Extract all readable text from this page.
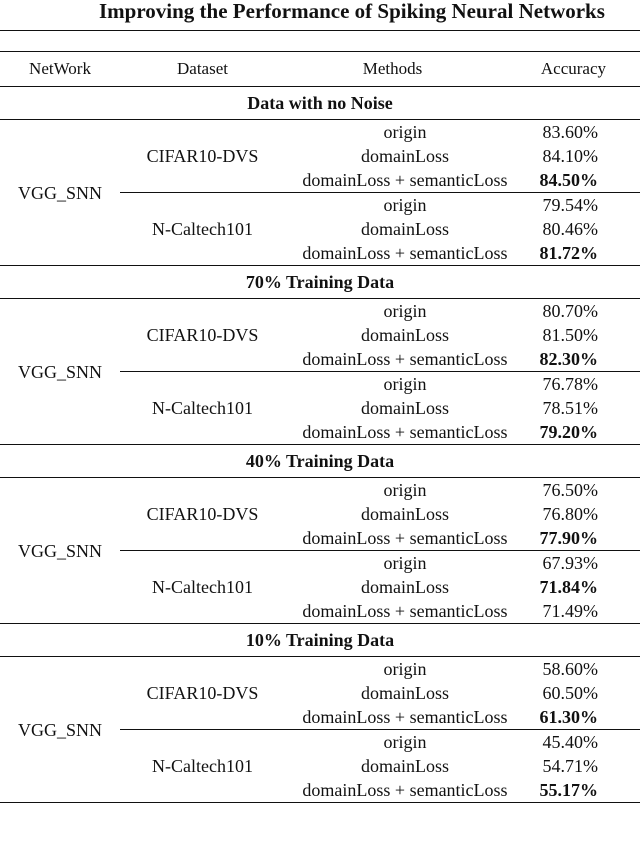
Improving the Performance of Spiking Neural Networks
NetWork	Dataset	Methods	Accuracy
Data with no Noise			
VGG_SNN	CIFAR10-DVS	origin	83.60%
		domainLoss	84.10%
		domainLoss + semanticLoss	84.50%
	N-Caltech101	origin	79.54%
		domainLoss	80.46%
		domainLoss + semanticLoss	81.72%
70% Training Data			
VGG_SNN	CIFAR10-DVS	origin	80.70%
		domainLoss	81.50%
		domainLoss + semanticLoss	82.30%
	N-Caltech101	origin	76.78%
		domainLoss	78.51%
		domainLoss + semanticLoss	79.20%
40% Training Data			
VGG_SNN	CIFAR10-DVS	origin	76.50%
		domainLoss	76.80%
		domainLoss + semanticLoss	77.90%
	N-Caltech101	origin	67.93%
		domainLoss	71.84%
		domainLoss + semanticLoss	71.49%
10% Training Data			
VGG_SNN	CIFAR10-DVS	origin	58.60%
		domainLoss	60.50%
		domainLoss + semanticLoss	61.30%
	N-Caltech101	origin	45.40%
		domainLoss	54.71%
		domainLoss + semanticLoss	55.17%
